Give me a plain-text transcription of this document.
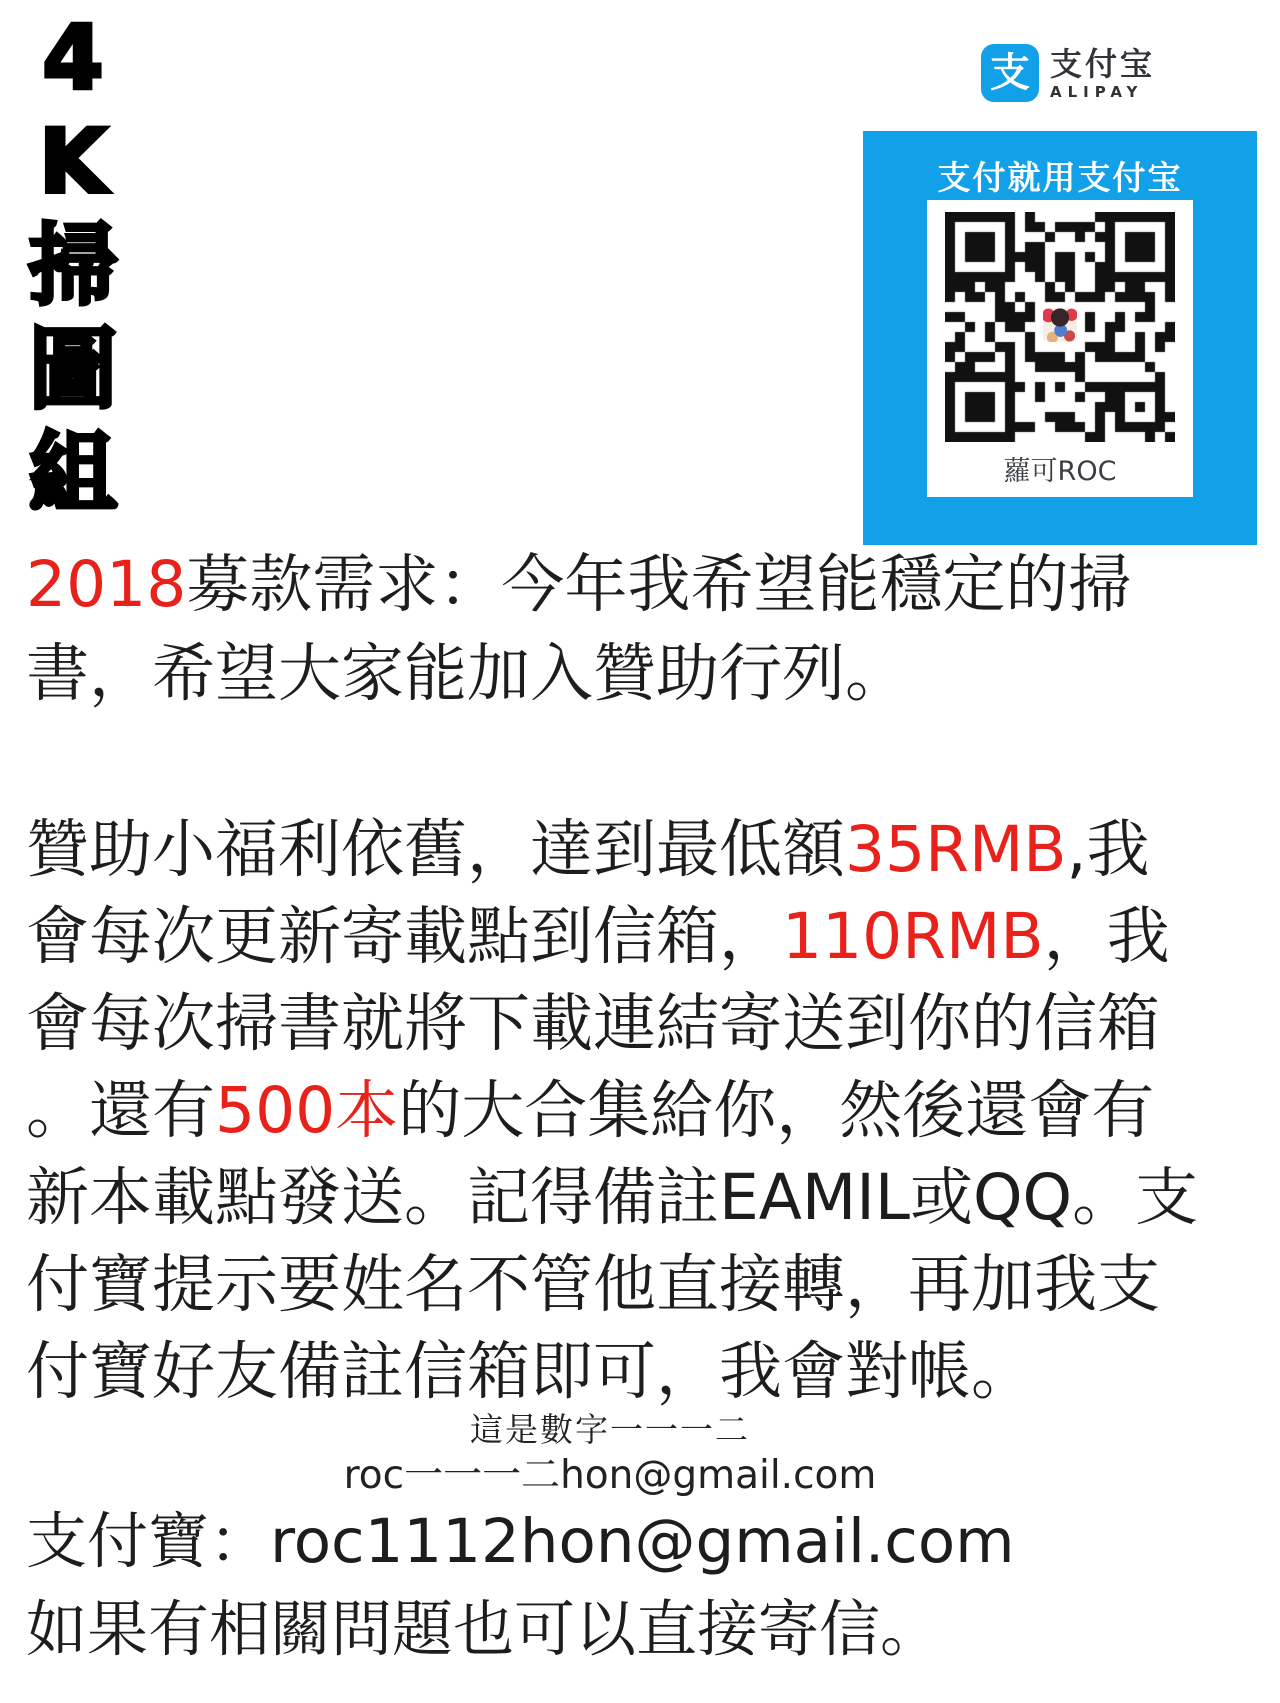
4
K
掃
圖
組
支 支付宝
ALIPAY
支付就用支付宝
蘿可ROC
2018募款需求：今年我希望能穩定的掃
書，希望大家能加入贊助行列。
贊助小福利依舊，達到最低額35RMB,我
會每次更新寄載點到信箱，110RMB，我
會每次掃書就將下載連結寄送到你的信箱
。還有500本的大合集給你，然後還會有
新本載點發送。記得備註EAMIL或QQ。支
付寶提示要姓名不管他直接轉，再加我支
付寶好友備註信箱即可，我會對帳。
這是數字一一一二
roc一一一二hon@gmail.com
支付寶：roc1112hon@gmail.com
如果有相關問題也可以直接寄信。
